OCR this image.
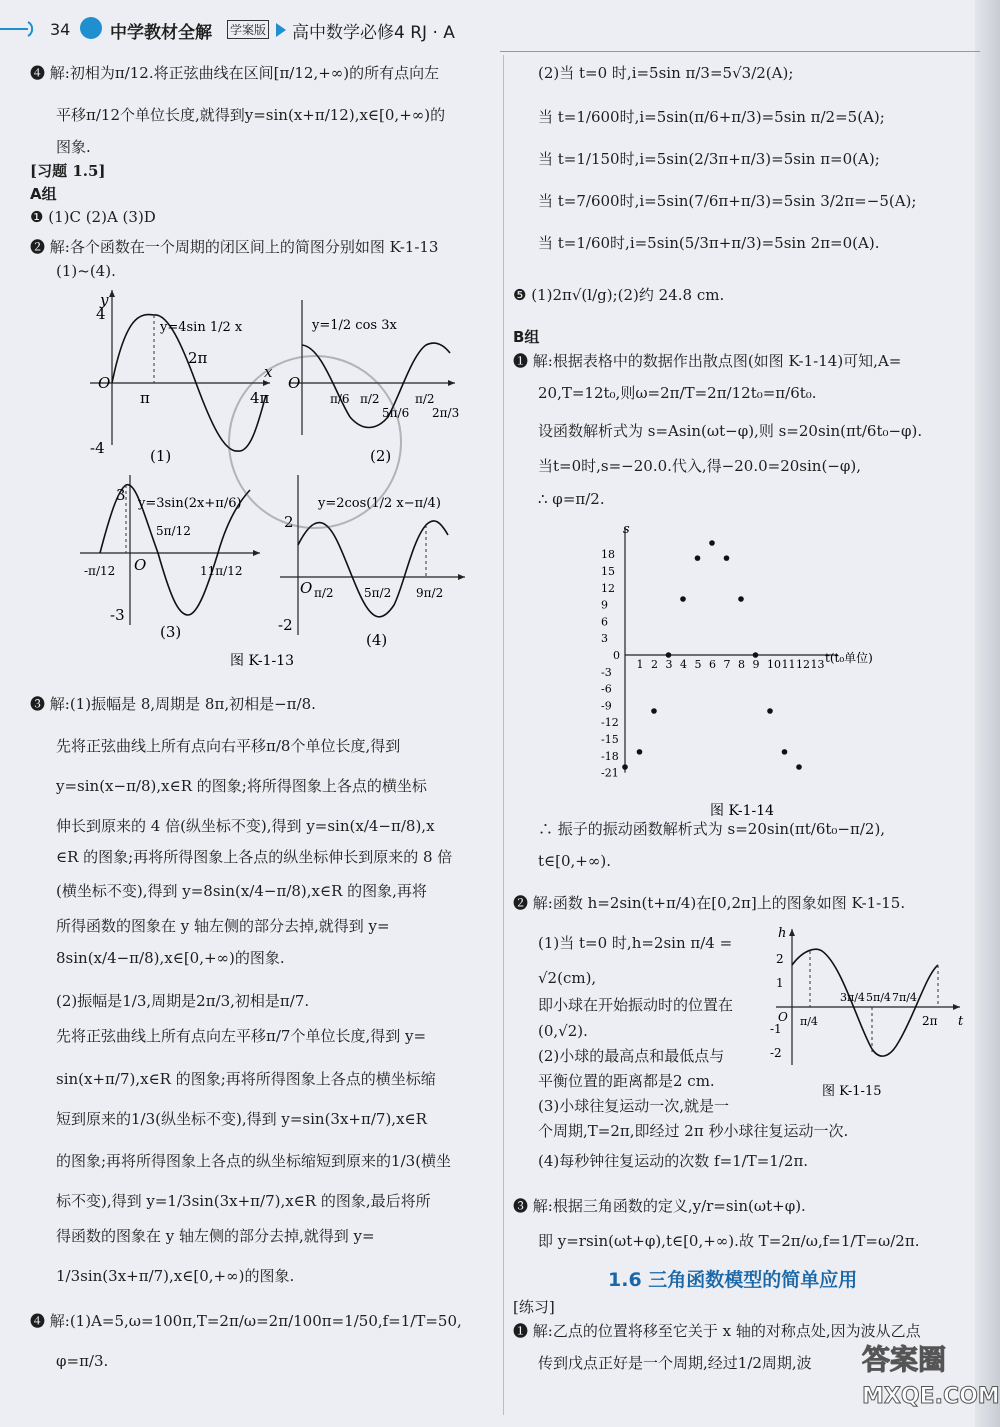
34 中学教材全解 学案版 高中数学必修4 RJ · A
❹ 解:初相为π/12.将正弦曲线在区间[π/12,+∞)的所有点向左
平移π/12个单位长度,就得到y=sin(x+π/12),x∈[0,+∞)的
图象.
[习题 1.5]
A组
❶ (1)C (2)A (3)D
❷ 解:各个函数在一个周期的闭区间上的简图分别如图 K-1-13
(1)~(4).
y
4
-4
O
π
2π
4π
x
y=4sin 1/2 x
(1)
y=1/2 cos 3x
O
π/6 π/2
5π/6
π/2
2π/3
(2)
y=3sin(2x+π/6)
3
-3
O
-π/12
5π/12
11π/12
(3)
y=2cos(1/2 x−π/4)
2
-2
O π/2	5π/2 9π/2
(4)
图 K-1-13
❸ 解:(1)振幅是 8,周期是 8π,初相是−π/8.
先将正弦曲线上所有点向右平移π/8个单位长度,得到
y=sin(x−π/8),x∈R 的图象;将所得图象上各点的横坐标
伸长到原来的 4 倍(纵坐标不变),得到 y=sin(x/4−π/8),x
∈R 的图象;再将所得图象上各点的纵坐标伸长到原来的 8 倍
(横坐标不变),得到 y=8sin(x/4−π/8),x∈R 的图象,再将
所得函数的图象在 y 轴左侧的部分去掉,就得到 y=
8sin(x/4−π/8),x∈[0,+∞)的图象.
(2)振幅是1/3,周期是2π/3,初相是π/7.
先将正弦曲线上所有点向左平移π/7个单位长度,得到 y=
sin(x+π/7),x∈R 的图象;再将所得图象上各点的横坐标缩
短到原来的1/3(纵坐标不变),得到 y=sin(3x+π/7),x∈R
的图象;再将所得图象上各点的纵坐标缩短到原来的1/3(横坐
标不变),得到 y=1/3sin(3x+π/7),x∈R 的图象,最后将所
得函数的图象在 y 轴左侧的部分去掉,就得到 y=
1/3sin(3x+π/7),x∈[0,+∞)的图象.
❹ 解:(1)A=5,ω=100π,T=2π/ω=2π/100π=1/50,f=1/T=50,
φ=π/3.
(2)当 t=0 时,i=5sin π/3=5√3/2(A);
当 t=1/600时,i=5sin(π/6+π/3)=5sin π/2=5(A);
当 t=1/150时,i=5sin(2/3π+π/3)=5sin π=0(A);
当 t=7/600时,i=5sin(7/6π+π/3)=5sin 3/2π=−5(A);
当 t=1/60时,i=5sin(5/3π+π/3)=5sin 2π=0(A).
❺ (1)2π√(l/g);(2)约 24.8 cm.
B组
❶ 解:根据表格中的数据作出散点图(如图 K-1-14)可知,A=
20,T=12t₀,则ω=2π/T=2π/12t₀=π/6t₀.
设函数解析式为 s=Asin(ωt−φ),则 s=20sin(πt/6t₀−φ).
当t=0时,s=−20.0.代入,得−20.0=20sin(−φ),
∴ φ=π/2.
1 2 3 4 5 6 7 8 9 10 11 12 13
18
15
12
9
6
3
-3
-6
-9
-12
-15
-18
-21
0
s
t(t₀单位)
图 K-1-14
∴ 振子的振动函数解析式为 s=20sin(πt/6t₀−π/2),
t∈[0,+∞).
❷ 解:函数 h=2sin(t+π/4)在[0,2π]上的图象如图 K-1-15.
(1)当 t=0 时,h=2sin π/4 =
√2(cm),
即小球在开始振动时的位置在
(0,√2).
(2)小球的最高点和最低点与
平衡位置的距离都是2 cm.
(3)小球往复运动一次,就是一
个周期,T=2π,即经过 2π 秒小球往复运动一次.
(4)每秒钟往复运动的次数 f=1/T=1/2π.
h
2
1
-1
-2
O π/4
3π/4 5π/4 7π/4
2π t
图 K-1-15
❸ 解:根据三角函数的定义,y/r=sin(ωt+φ).
即 y=rsin(ωt+φ),t∈[0,+∞).故 T=2π/ω,f=1/T=ω/2π.
1.6 三角函数模型的简单应用
[练习]
❶ 解:乙点的位置将移至它关于 x 轴的对称点处,因为波从乙点
传到戊点正好是一个周期,经过1/2周期,波 答案圈
MXQE.COM
